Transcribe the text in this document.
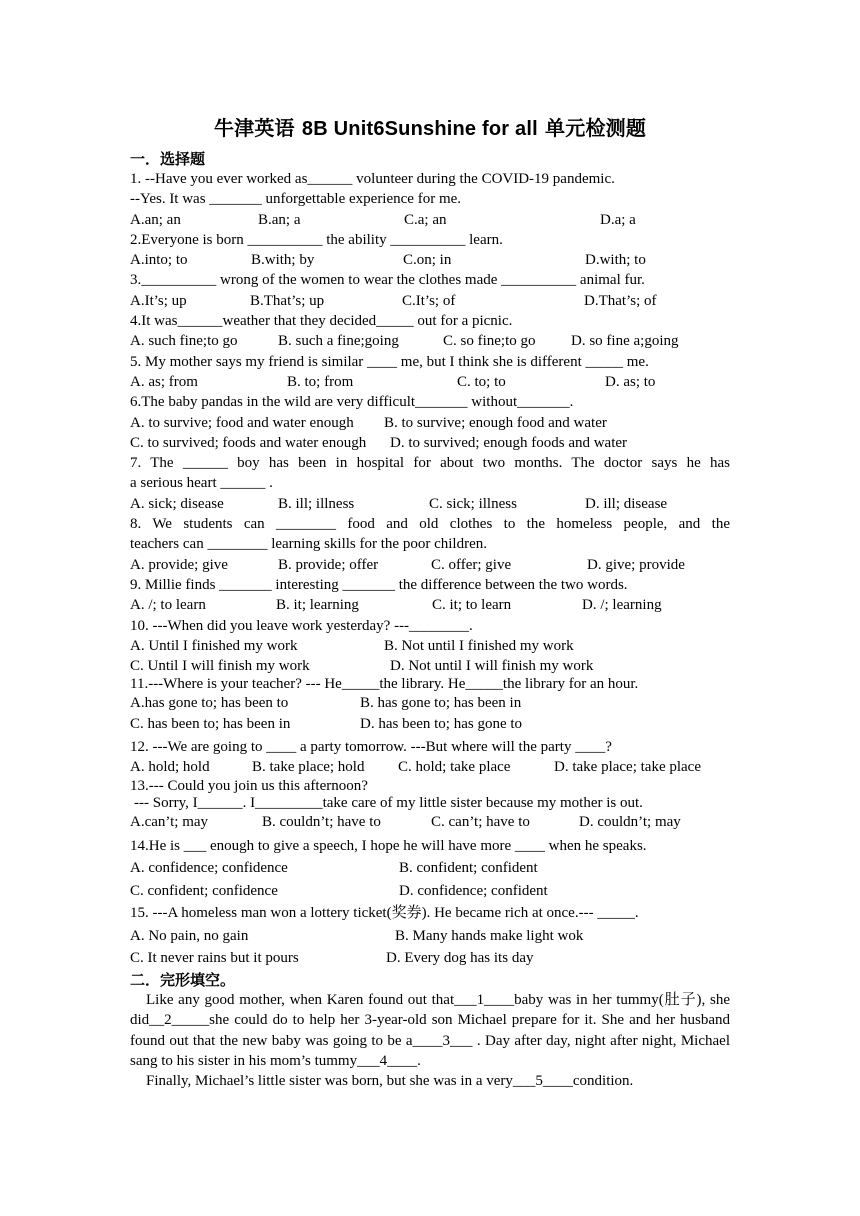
牛津英语 8B Unit6Sunshine for all 单元检测题
一．选择题
1. --Have you ever worked as______ volunteer during the COVID-19 pandemic.
--Yes. It was _______ unforgettable experience for me.
A.an; an	B.an; a	C.a; an	D.a; a
2.Everyone is born __________ the ability __________ learn.
A.into; to	B.with; by	C.on; in	D.with; to
3.__________ wrong of the women to wear the clothes made __________ animal fur.
A.It’s; up	B.That’s; up	C.It’s; of	D.That’s; of
4.It was______weather that they decided_____ out for a picnic.
A. such fine;to go	B. such a fine;going	C. so fine;to go	D. so fine a;going
5. My mother says my friend is similar ____ me, but I think she is different _____ me.
A. as; from	B. to; from	C. to; to	D. as; to
6.The baby pandas in the wild are very difficult_______ without_______.
A. to survive; food and water enough	B. to survive; enough food and water
C. to survived; foods and water enough	D. to survived; enough foods and water
7. The ______ boy has been in hospital for about two months. The doctor says he has
a serious heart ______ .
A. sick; disease	B. ill; illness	C. sick; illness	D. ill; disease
8. We students can ________ food and old clothes to the homeless people, and the
teachers can ________ learning skills for the poor children.
A. provide; give	B. provide; offer	C. offer; give	D. give; provide
9. Millie finds _______ interesting _______ the difference between the two words.
A. /; to learn	B. it; learning	C. it; to learn	D. /; learning
10. ---When did you leave work yesterday? ---________.
A. Until I finished my work	B. Not until I finished my work
C. Until I will finish my work	D. Not until I will finish my work
11.---Where is your teacher? --- He_____the library. He_____the library for an hour.
A.has gone to; has been to	B. has gone to; has been in
C. has been to; has been in	D. has been to; has gone to
12. ---We are going to ____ a party tomorrow. ---But where will the party ____?
A. hold; hold	B. take place; hold	C. hold; take place	D. take place; take place
13.--- Could you join us this afternoon?
--- Sorry, I______. I_________take care of my little sister because my mother is out.
A.can’t; may	B. couldn’t; have to	C. can’t; have to	D. couldn’t; may
14.He is ___ enough to give a speech, I hope he will have more ____ when he speaks.
A. confidence; confidence	B. confident; confident
C. confident; confidence	D. confidence; confident
15. ---A homeless man won a lottery ticket(奖券). He became rich at once.--- _____.
A. No pain, no gain	B. Many hands make light wok
C. It never rains but it pours	D. Every dog has its day
二．完形填空。

Like any good mother, when Karen found out that___1____baby was in her tummy(肚子), she did__2_____she could do to help her 3-year-old son Michael prepare for it. She and her husband found out that the new baby was going to be a____3___ . Day after day, night after night, Michael sang to his sister in his mom’s tummy___4____.

Finally, Michael’s little sister was born, but she was in a very___5____condition.
